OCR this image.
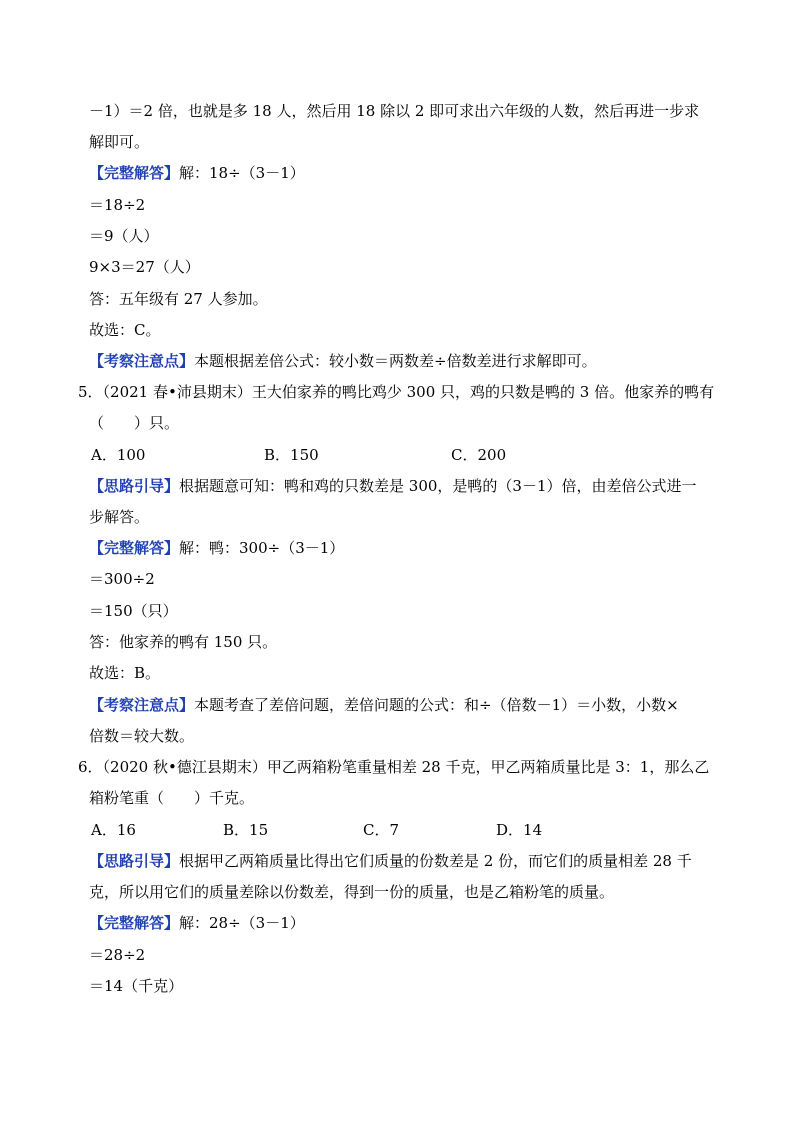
－1）＝2 倍，也就是多 18 人，然后用 18 除以 2 即可求出六年级的人数，然后再进一步求
解即可。
【完整解答】解：18÷（3－1）
＝18÷2
＝9（人）
9×3＝27（人）
答：五年级有 27 人参加。
故选：C。
【考察注意点】本题根据差倍公式：较小数＝两数差÷倍数差进行求解即可。
5．（2021 春•沛县期末）王大伯家养的鸭比鸡少 300 只，鸡的只数是鸭的 3 倍。他家养的鸭有
（　　）只。
A．100	B．150	C．200
【思路引导】根据题意可知：鸭和鸡的只数差是 300，是鸭的（3－1）倍，由差倍公式进一
步解答。
【完整解答】解：鸭：300÷（3－1）
＝300÷2
＝150（只）
答：他家养的鸭有 150 只。
故选：B。
【考察注意点】本题考查了差倍问题，差倍问题的公式：和÷（倍数－1）＝小数，小数×
倍数＝较大数。
6．（2020 秋•德江县期末）甲乙两箱粉笔重量相差 28 千克，甲乙两箱质量比是 3：1，那么乙
箱粉笔重（　　）千克。
A．16	B．15	C．7	D．14
【思路引导】根据甲乙两箱质量比得出它们质量的份数差是 2 份，而它们的质量相差 28 千
克，所以用它们的质量差除以份数差，得到一份的质量，也是乙箱粉笔的质量。
【完整解答】解：28÷（3－1）
＝28÷2
＝14（千克）
